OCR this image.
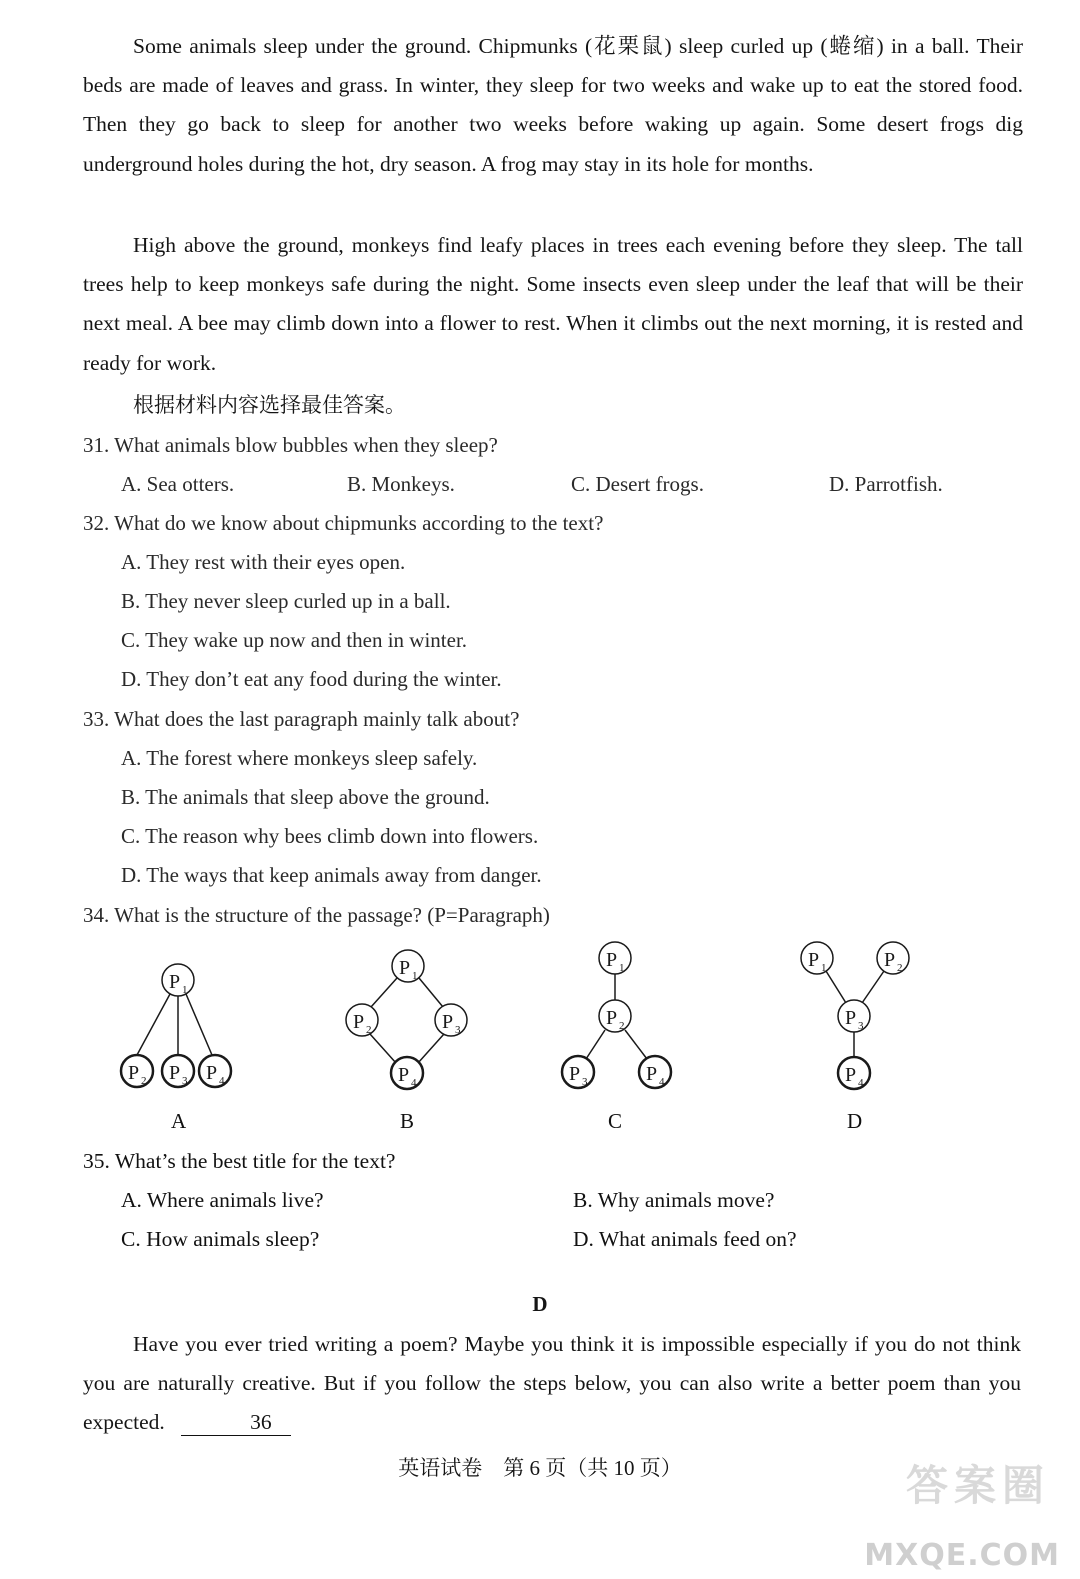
Some animals sleep under the ground. Chipmunks (花栗鼠) sleep curled up (蜷缩) in a ball. Their beds are made of leaves and grass. In winter, they sleep for two weeks and wake up to eat the stored food. Then they go back to sleep for another two weeks before waking up again. Some desert frogs dig underground holes during the hot, dry season. A frog may stay in its hole for months.

High above the ground, monkeys find leafy places in trees each evening before they sleep. The tall trees help to keep monkeys safe during the night. Some insects even sleep under the leaf that will be their next meal. A bee may climb down into a flower to rest. When it climbs out the next morning, it is rested and ready for work.

根据材料内容选择最佳答案。

31. What animals blow bubbles when they sleep?

A. Sea otters.	B. Monkeys.	C. Desert frogs.	D. Parrotfish.

32. What do we know about chipmunks according to the text?

A. They rest with their eyes open.

B. They never sleep curled up in a ball.

C. They wake up now and then in winter.

D. They don’t eat any food during the winter.

33. What does the last paragraph mainly talk about?

A. The forest where monkeys sleep safely.

B. The animals that sleep above the ground.

C. The reason why bees climb down into flowers.

D. The ways that keep animals away from danger.

34. What is the structure of the passage? (P=Paragraph)

P 1
P 2 P 3 P 4
A
P 1
P 2	P 3
P 4
B
P 1
P 2
P 3	P 4
C
P 1	P 2
P 3
P 4
D

35. What’s the best title for the text?

A. Where animals live?	B. Why animals move?

C. How animals sleep?	D. What animals feed on?

D

Have you ever tried writing a poem? Maybe you think it is impossible especially if you do not think you are naturally creative. But if you follow the steps below, you can also write a better poem than you expected.	36

英语试卷　第 6 页（共 10 页）	答案圈
MXQE.COM
